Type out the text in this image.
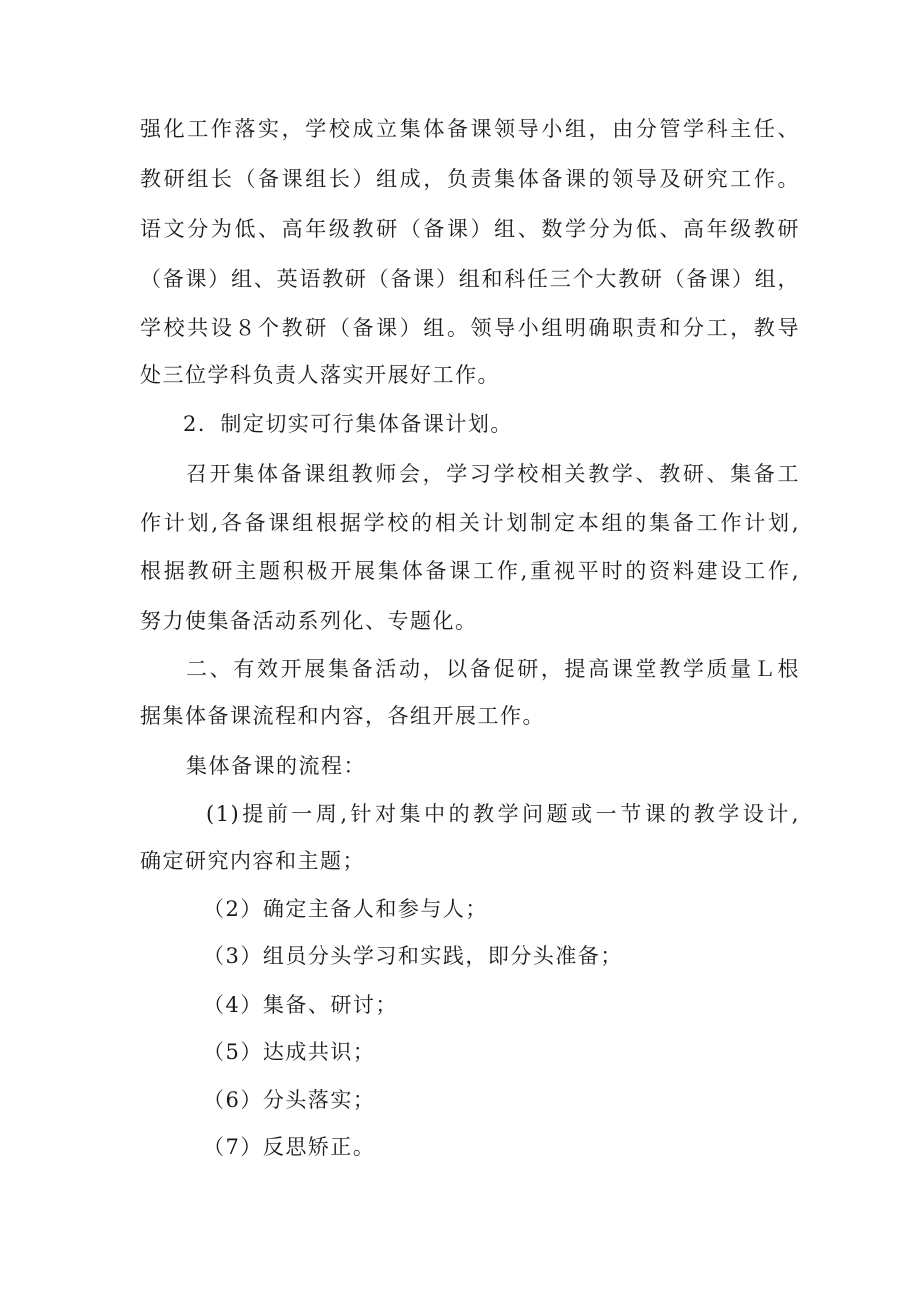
强化工作落实，学校成立集体备课领导小组，由分管学科主任、
教研组长（备课组长）组成，负责集体备课的领导及研究工作。
语文分为低、高年级教研（备课）组、数学分为低、高年级教研
（备课）组、英语教研（备课）组和科任三个大教研（备课）组，
学校共设８个教研（备课）组。领导小组明确职责和分工，教导
处三位学科负责人落实开展好工作。
2．制定切实可行集体备课计划。
召开集体备课组教师会，学习学校相关教学、教研、集备工
作计划,各备课组根据学校的相关计划制定本组的集备工作计划,
根据教研主题积极开展集体备课工作,重视平时的资料建设工作,
努力使集备活动系列化、专题化。
二、有效开展集备活动，以备促研，提高课堂教学质量Ｌ根
据集体备课流程和内容，各组开展工作。
集体备课的流程：
(1)提前一周,针对集中的教学问题或一节课的教学设计,
确定研究内容和主题；
（2）确定主备人和参与人；
（3）组员分头学习和实践，即分头准备；
（4）集备、研讨；
（5）达成共识；
（6）分头落实；
（7）反思矫正。
